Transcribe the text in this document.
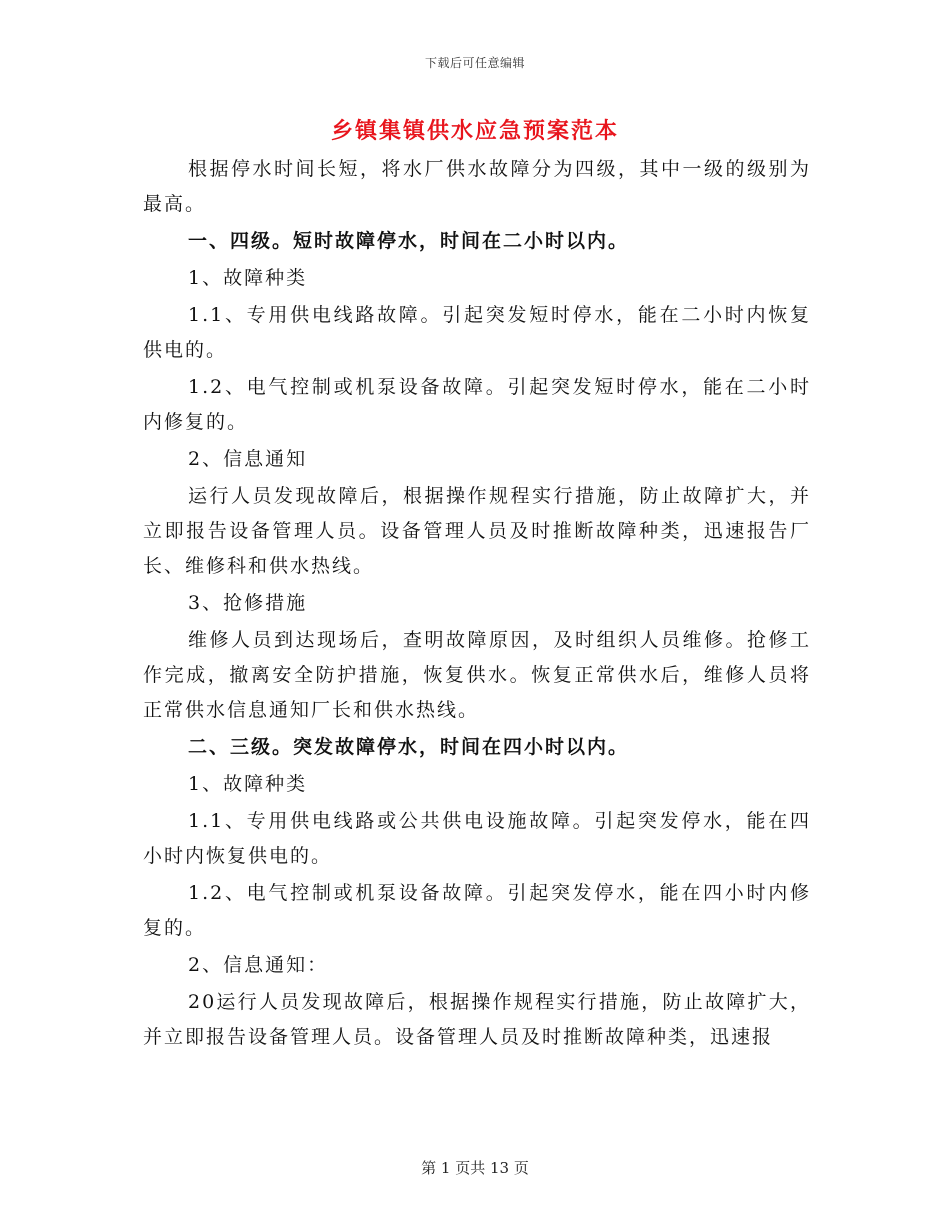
下载后可任意编辑
乡镇集镇供水应急预案范本

根据停水时间长短，将水厂供水故障分为四级，其中一级的级别为最高。

一、四级。短时故障停水，时间在二小时以内。

1、故障种类

1.1、专用供电线路故障。引起突发短时停水，能在二小时内恢复供电的。

1.2、电气控制或机泵设备故障。引起突发短时停水，能在二小时内修复的。

2、信息通知

运行人员发现故障后，根据操作规程实行措施，防止故障扩大，并立即报告设备管理人员。设备管理人员及时推断故障种类，迅速报告厂长、维修科和供水热线。

3、抢修措施

维修人员到达现场后，查明故障原因，及时组织人员维修。抢修工作完成，撤离安全防护措施，恢复供水。恢复正常供水后，维修人员将正常供水信息通知厂长和供水热线。

二、三级。突发故障停水，时间在四小时以内。

1、故障种类

1.1、专用供电线路或公共供电设施故障。引起突发停水，能在四小时内恢复供电的。

1.2、电气控制或机泵设备故障。引起突发停水，能在四小时内修复的。

2、信息通知：

20运行人员发现故障后，根据操作规程实行措施，防止故障扩大，并立即报告设备管理人员。设备管理人员及时推断故障种类，迅速报

第 1 页共 13 页
